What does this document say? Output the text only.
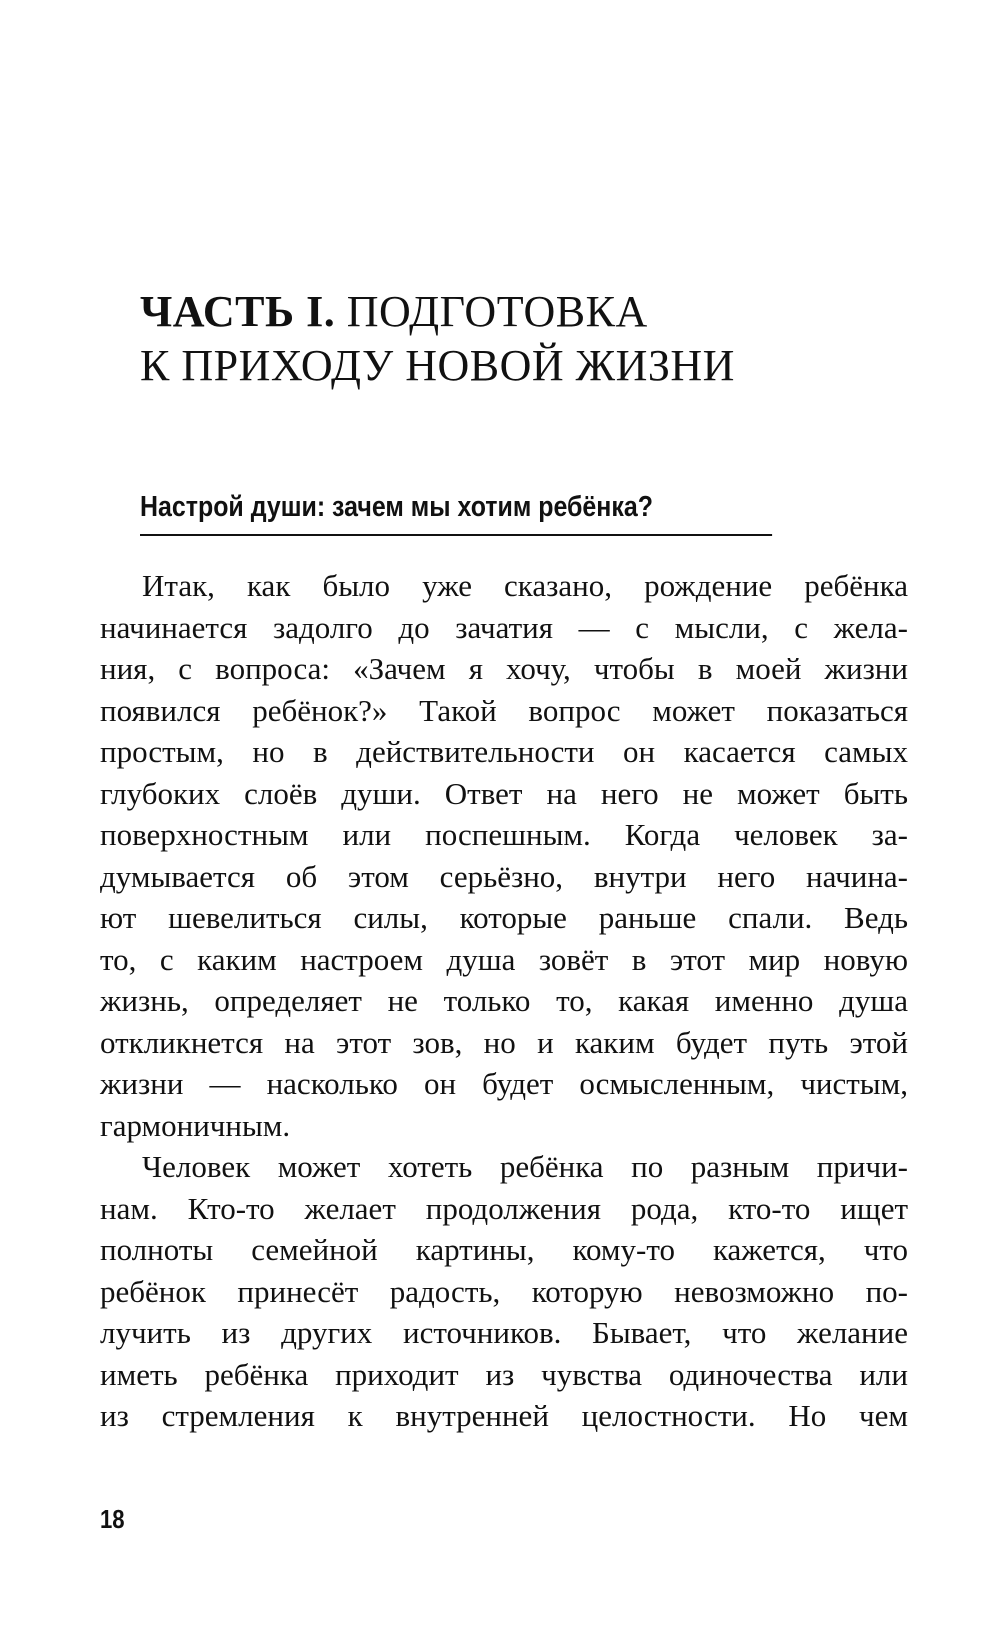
ЧАСТЬ I. ПОДГОТОВКА
К ПРИХОДУ НОВОЙ ЖИЗНИ
Настрой души: зачем мы хотим ребёнка?

Итак, как было уже сказано, рождение ребёнка
начинается задолго до зачатия — с мысли, с жела-
ния, с вопроса: «Зачем я хочу, чтобы в моей жизни
появился ребёнок?» Такой вопрос может показаться
простым, но в действительности он касается самых
глубоких слоёв души. Ответ на него не может быть
поверхностным или поспешным. Когда человек за-
думывается об этом серьёзно, внутри него начина-
ют шевелиться силы, которые раньше спали. Ведь
то, с каким настроем душа зовёт в этот мир новую
жизнь, определяет не только то, какая именно душа
откликнется на этот зов, но и каким будет путь этой
жизни — насколько он будет осмысленным, чистым,
гармоничным.

Человек может хотеть ребёнка по разным причи-
нам. Кто-то желает продолжения рода, кто-то ищет
полноты семейной картины, кому-то кажется, что
ребёнок принесёт радость, которую невозможно по-
лучить из других источников. Бывает, что желание
иметь ребёнка приходит из чувства одиночества или
из стремления к внутренней целостности. Но чем

18
